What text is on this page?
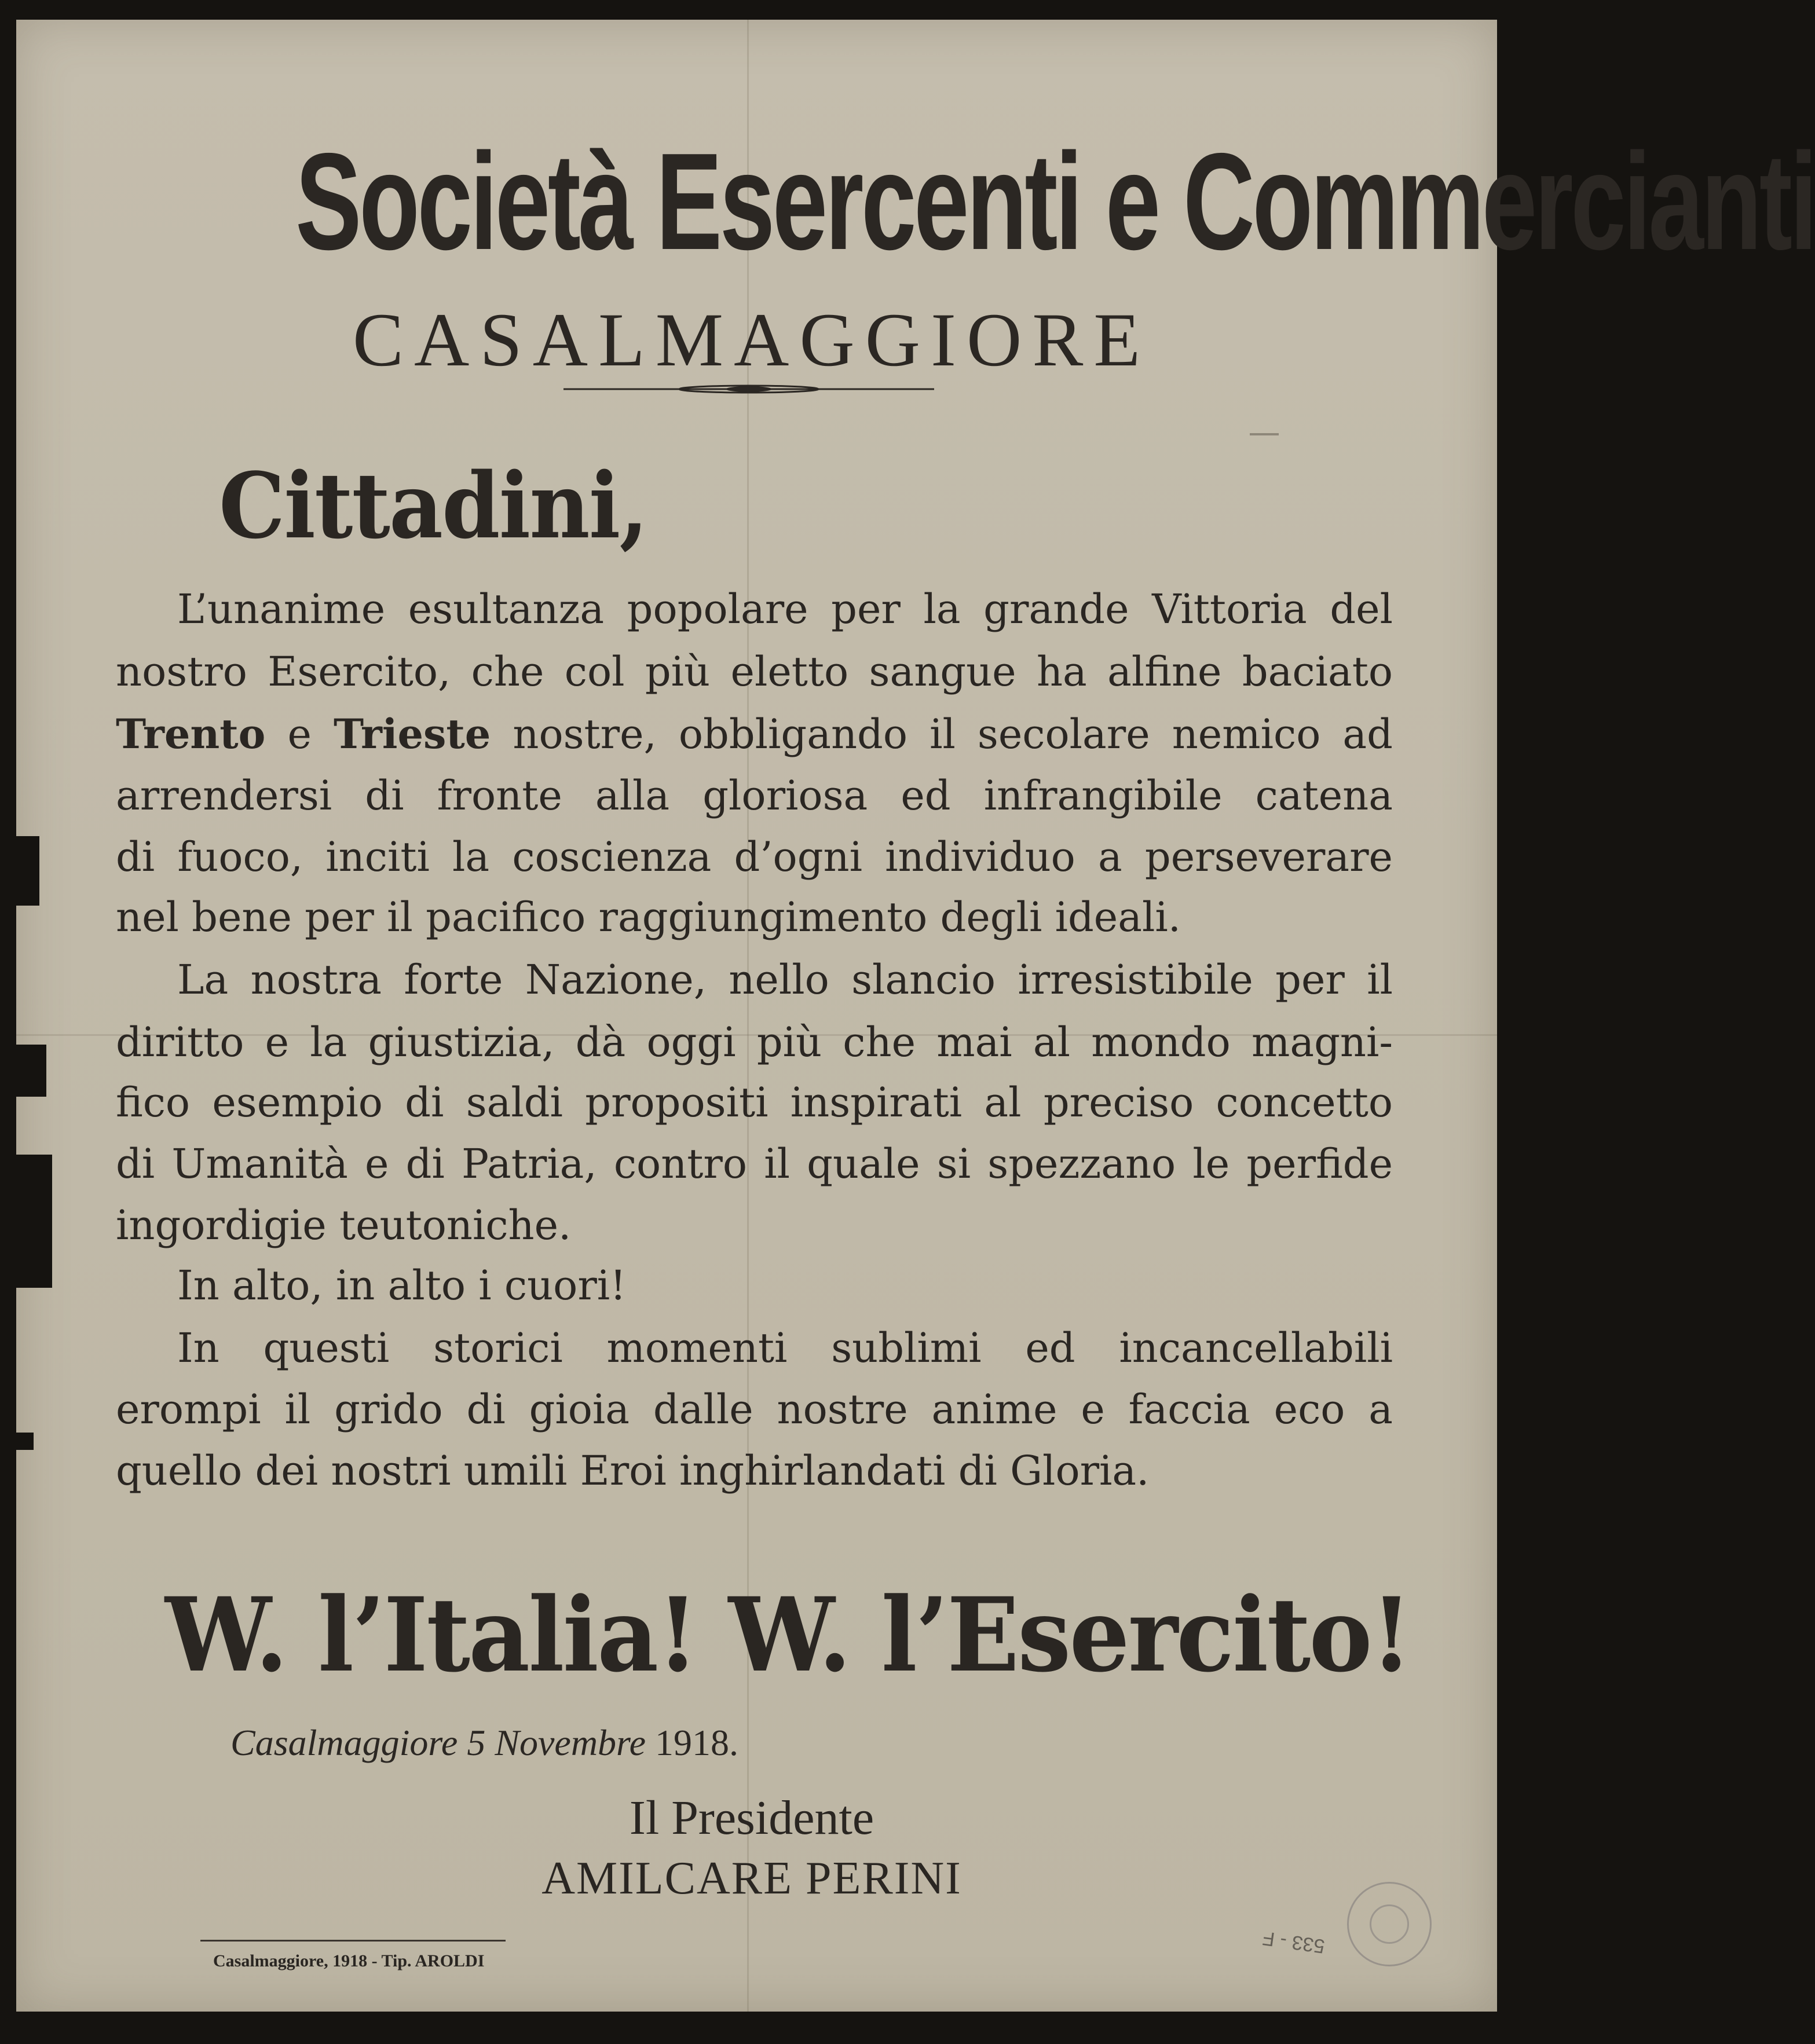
Società Esercenti e Commercianti
CASALMAGGIORE
Cittadini,

L’unanime esultanza popolare per la grande Vittoria del

nostro Esercito, che col più eletto sangue ha alfine baciato

Trento e Trieste nostre, obbligando il secolare nemico ad

arrendersi di fronte alla gloriosa ed infrangibile catena

di fuoco, inciti la coscienza d’ogni individuo a perseverare

nel bene per il pacifico raggiungimento degli ideali.

La nostra forte Nazione, nello slancio irresistibile per il

diritto e la giustizia, dà oggi più che mai al mondo magni-

fico esempio di saldi propositi inspirati al preciso concetto

di Umanità e di Patria, contro il quale si spezzano le perfide

ingordigie teutoniche.

In alto, in alto i cuori!

In questi storici momenti sublimi ed incancellabili

erompi il grido di gioia dalle nostre anime e faccia eco a

quello dei nostri umili Eroi inghirlandati di Gloria.

W. l’Italia! W. l’Esercito!
Casalmaggiore 5 Novembre 1918.
Il Presidente
AMILCARE PERINI
Casalmaggiore, 1918 - Tip. AROLDI
533 - F
